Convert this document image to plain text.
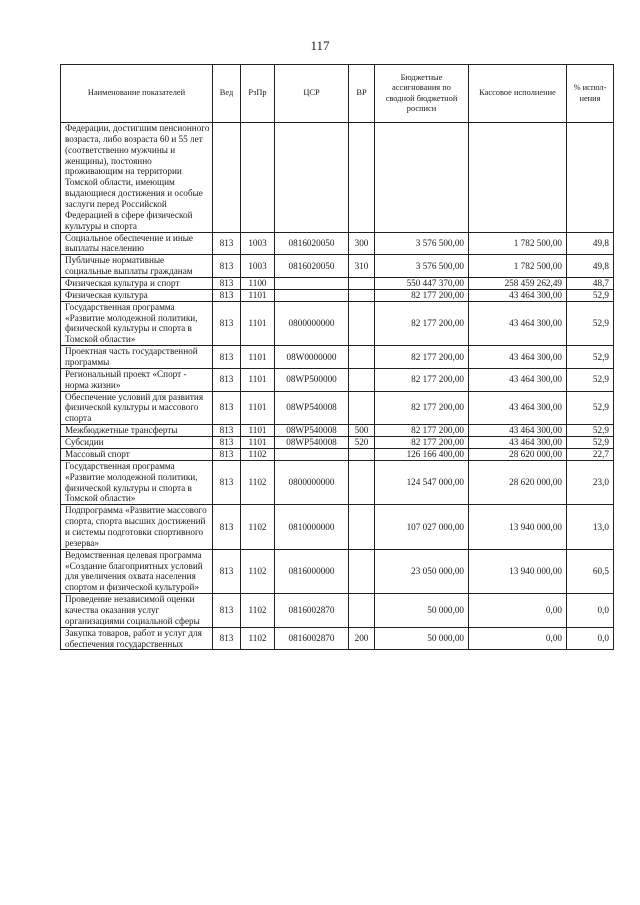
117
Наименование показателей	Вед	РзПр	ЦСР	ВР	Бюджетные ассигнования по сводной бюджетной росписи	Кассовое исполнение	% испол-нения
Федерации, достигшим пенсионного возраста, либо возраста 60 и 55 лет (соответственно мужчины и женщины), постоянно проживающим на территории Томской области, имеющим выдающиеся достижения и особые заслуги перед Российской Федерацией в сфере физической культуры и спорта							
Социальное обеспечение и иные выплаты населению	813	1003	0816020050	300	3 576 500,00	1 782 500,00	49,8
Публичные нормативные социальные выплаты гражданам	813	1003	0816020050	310	3 576 500,00	1 782 500,00	49,8
Физическая культура и спорт	813	1100			550 447 370,00	258 459 262,49	48,7
Физическая культура	813	1101			82 177 200,00	43 464 300,00	52,9
Государственная программа «Развитие молодежной политики, физической культуры и спорта в Томской области»	813	1101	0800000000		82 177 200,00	43 464 300,00	52,9
Проектная часть государственной программы	813	1101	08W0000000		82 177 200,00	43 464 300,00	52,9
Региональный проект «Спорт - норма жизни»	813	1101	08WP500000		82 177 200,00	43 464 300,00	52,9
Обеспечение условий для развития физической культуры и массового спорта	813	1101	08WP540008		82 177 200,00	43 464 300,00	52,9
Межбюджетные трансферты	813	1101	08WP540008	500	82 177 200,00	43 464 300,00	52,9
Субсидии	813	1101	08WP540008	520	82 177 200,00	43 464 300,00	52,9
Массовый спорт	813	1102			126 166 400,00	28 620 000,00	22,7
Государственная программа «Развитие молодежной политики, физической культуры и спорта в Томской области»	813	1102	0800000000		124 547 000,00	28 620 000,00	23,0
Подпрограмма «Развитие массового спорта, спорта высших достижений и системы подготовки спортивного резерва»	813	1102	0810000000		107 027 000,00	13 940 000,00	13,0
Ведомственная целевая программа «Создание благоприятных условий для увеличения охвата населения спортом и физической культурой»	813	1102	0816000000		23 050 000,00	13 940 000,00	60,5
Проведение независимой оценки качества оказания услуг организациями социальной сферы	813	1102	0816002870		50 000,00	0,00	0,0
Закупка товаров, работ и услуг для обеспечения государственных	813	1102	0816002870	200	50 000,00	0,00	0,0
